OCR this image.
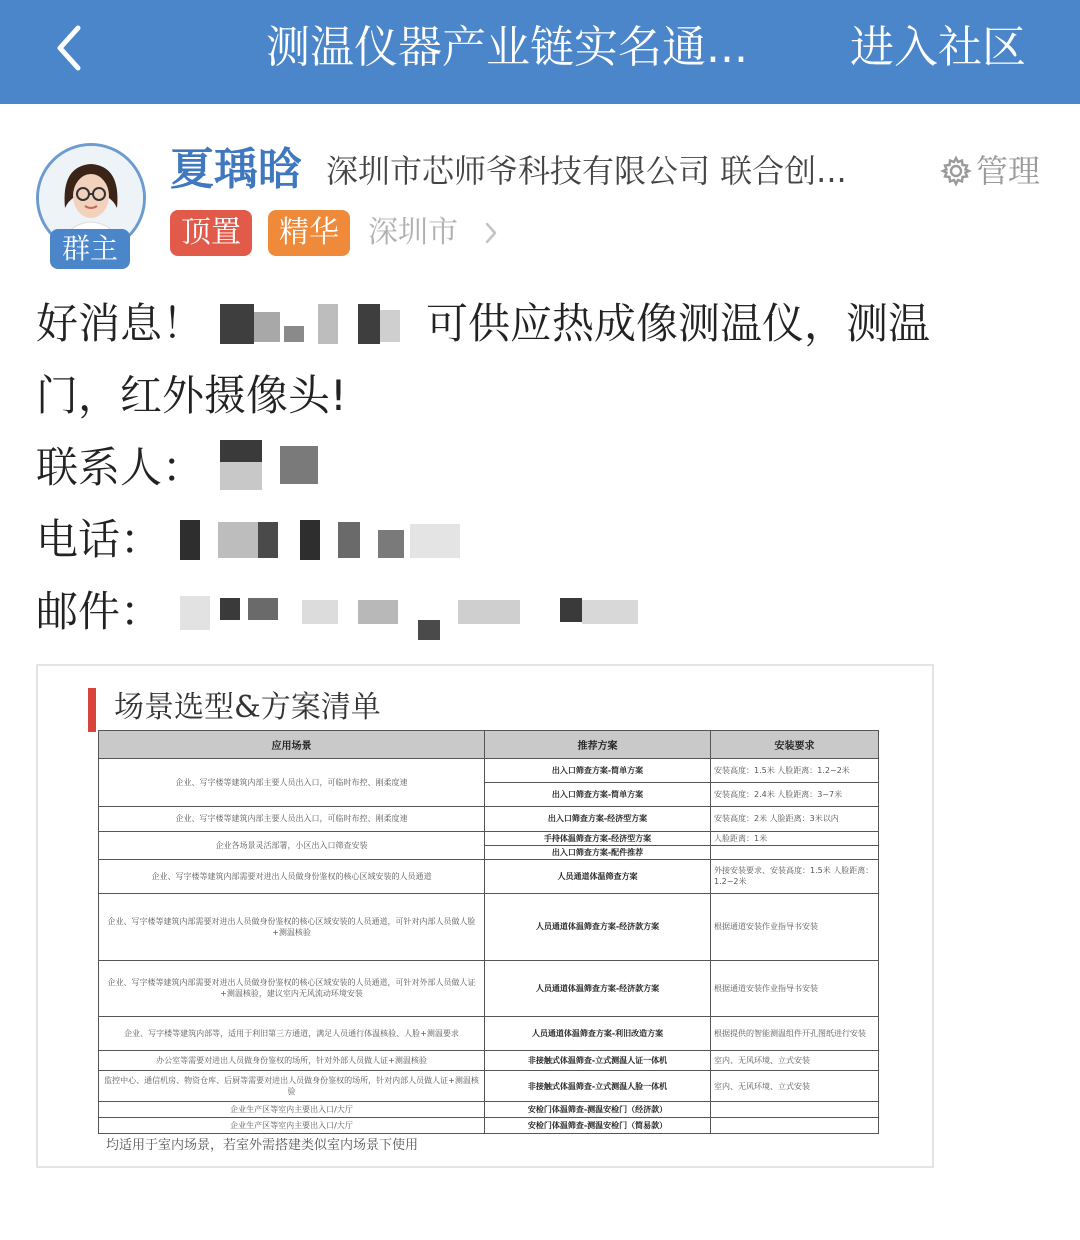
测温仪器产业链实名通...	进入社区
群主
夏瑀晗 深圳市芯师爷科技有限公司 联合创...	管理
顶置	精华 深圳市
好消息！	可供应热成像测温仪，测温
门，红外摄像头!
联系人：
电话：
邮件：
场景选型&方案清单
应用场景	推荐方案	安装要求
企业、写字楼等建筑内部主要人员出入口，可临时布控、刚柔度速	出入口筛查方案-简单方案	安装高度：1.5米 人脸距离：1.2~2米
	出入口筛查方案-简单方案	安装高度：2.4米 人脸距离：3~7米
企业、写字楼等建筑内部主要人员出入口，可临时布控、刚柔度速	出入口筛查方案-经济型方案	安装高度：2米 人脸距离：3米以内
企业各场景灵活部署，小区出入口筛查安装	手持体温筛查方案-经济型方案	人脸距离：1米
	出入口筛查方案-配件推荐	
企业、写字楼等建筑内部需要对进出人员做身份鉴权的核心区域安装的人员通道	人员通道体温筛查方案	外接安装要求、安装高度：1.5米 人脸距离：1.2~2米
企业、写字楼等建筑内部需要对进出人员做身份鉴权的核心区域安装的人员通道，可针对内部人员做人脸+测温核验	人员通道体温筛查方案-经济款方案	根据通道安装作业指导书安装
企业、写字楼等建筑内部需要对进出人员做身份鉴权的核心区域安装的人员通道，可针对外部人员做人证+测温核验，建议室内无风流动环境安装	人员通道体温筛查方案-经济款方案	根据通道安装作业指导书安装
企业、写字楼等建筑内部等，适用于利旧第三方通道，满足人员通行体温核验、人脸+测温要求	人员通道体温筛查方案-利旧改造方案	根据提供的智能测温组件开孔图纸进行安装
办公室等需要对进出人员做身份鉴权的场所，针对外部人员做人证+测温核验	非接触式体温筛查-立式测温人证一体机	室内、无风环境、立式安装
监控中心、通信机房、物资仓库、后厨等需要对进出人员做身份鉴权的场所，针对内部人员做人证+测温核验	非接触式体温筛查-立式测温人脸一体机	室内、无风环境、立式安装
企业生产区等室内主要出入口/大厅	安检门体温筛查-测温安检门（经济款）	
企业生产区等室内主要出入口/大厅	安检门体温筛查-测温安检门（简易款）	
均适用于室内场景，若室外需搭建类似室内场景下使用
